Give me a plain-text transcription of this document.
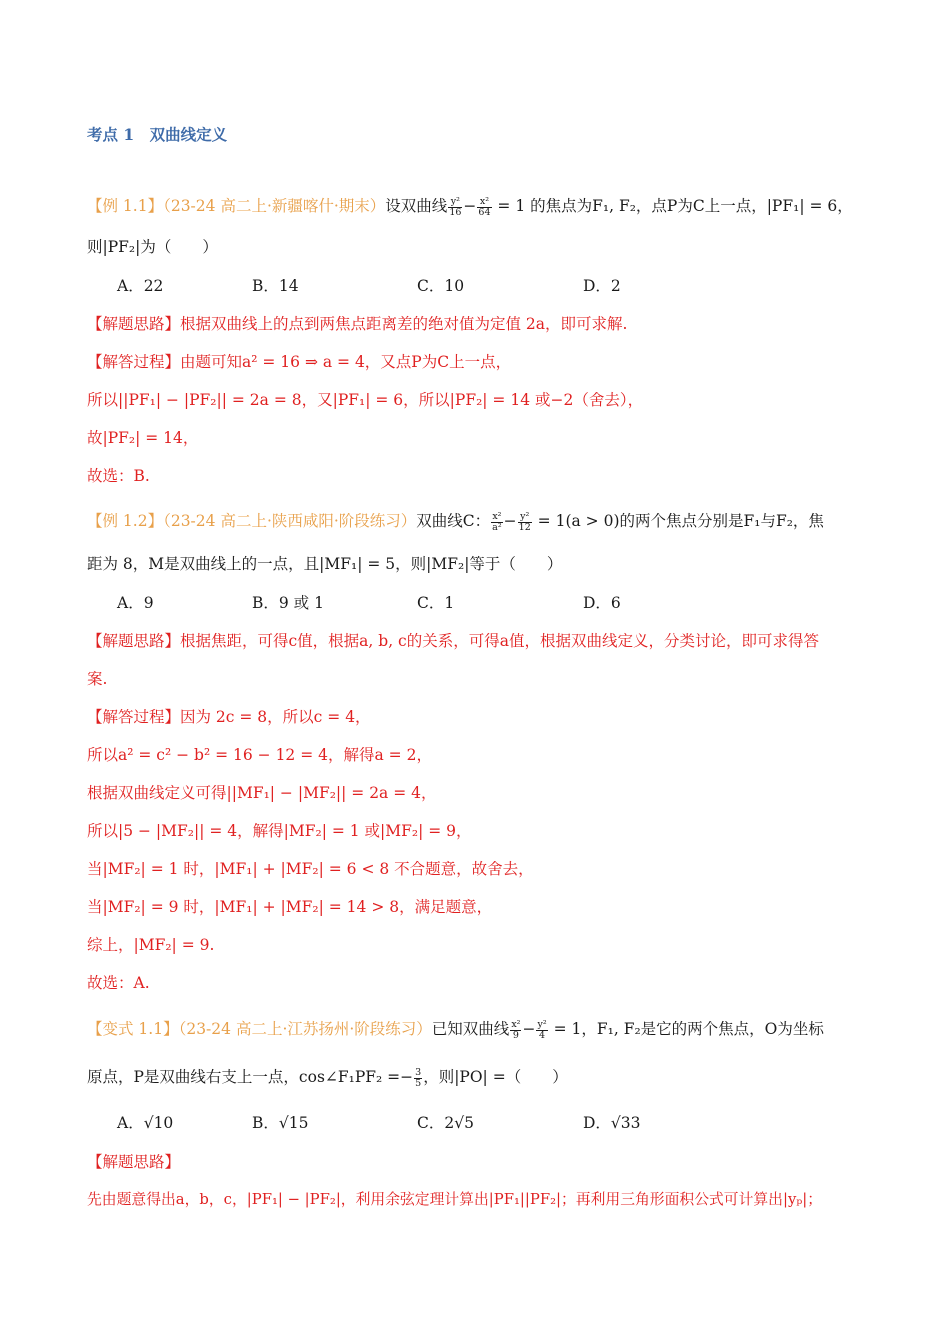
考点 1　双曲线定义
【例 1.1】（23-24 高二上·新疆喀什·期末）设双曲线 $\frac{\text{y²}}{16} - \frac{\text{x²}}{64} = 1$ 的焦点为F₁, F₂，点P为C上一点，|PF₁| = 6，
则|PF₂|为（　　）
A．22	B．14	C．10	D．2
【解题思路】根据双曲线上的点到两焦点距离差的绝对值为定值 2a，即可求解.
【解答过程】由题可知a² = 16 ⇒ a = 4，又点P为C上一点，
所以||PF₁| − |PF₂|| = 2a = 8，又|PF₁| = 6，所以|PF₂| = 14 或−2（舍去），
故|PF₂| = 14，
故选：B.
【例 1.2】（23-24 高二上·陕西咸阳·阶段练习）双曲线C： $\frac{\text{x²}}{\text{a²}} - \frac{\text{y²}}{12} = 1(a > 0)$的两个焦点分别是F₁与F₂，焦
距为 8，M是双曲线上的一点，且|MF₁| = 5，则|MF₂|等于（　　）
A．9	B．9 或 1	C．1	D．6
【解题思路】根据焦距，可得c值，根据a, b, c的关系，可得a值，根据双曲线定义，分类讨论，即可求得答
案.
【解答过程】因为 2c = 8，所以c = 4，
所以a² = c² − b² = 16 − 12 = 4，解得a = 2，
根据双曲线定义可得||MF₁| − |MF₂|| = 2a = 4，
所以|5 − |MF₂|| = 4，解得|MF₂| = 1 或|MF₂| = 9，
当|MF₂| = 1 时，|MF₁| + |MF₂| = 6 < 8 不合题意，故舍去，
当|MF₂| = 9 时，|MF₁| + |MF₂| = 14 > 8，满足题意，
综上，|MF₂| = 9.
故选：A.
【变式 1.1】（23-24 高二上·江苏扬州·阶段练习）已知双曲线 $\frac{\text{x²}}{9} - \frac{\text{y²}}{4} = 1$，F₁, F₂是它的两个焦点，O为坐标
原点，P是双曲线右支上一点，cos∠F₁PF₂ =− $\frac{3}{5}$ ，则|PO| =（　　）
A．√10	B．√15	C．2√5	D．√33
【解题思路】
先由题意得出a，b，c，|PF₁| − |PF₂|，利用余弦定理计算出|PF₁||PF₂|；再利用三角形面积公式可计算出|yₚ|；
